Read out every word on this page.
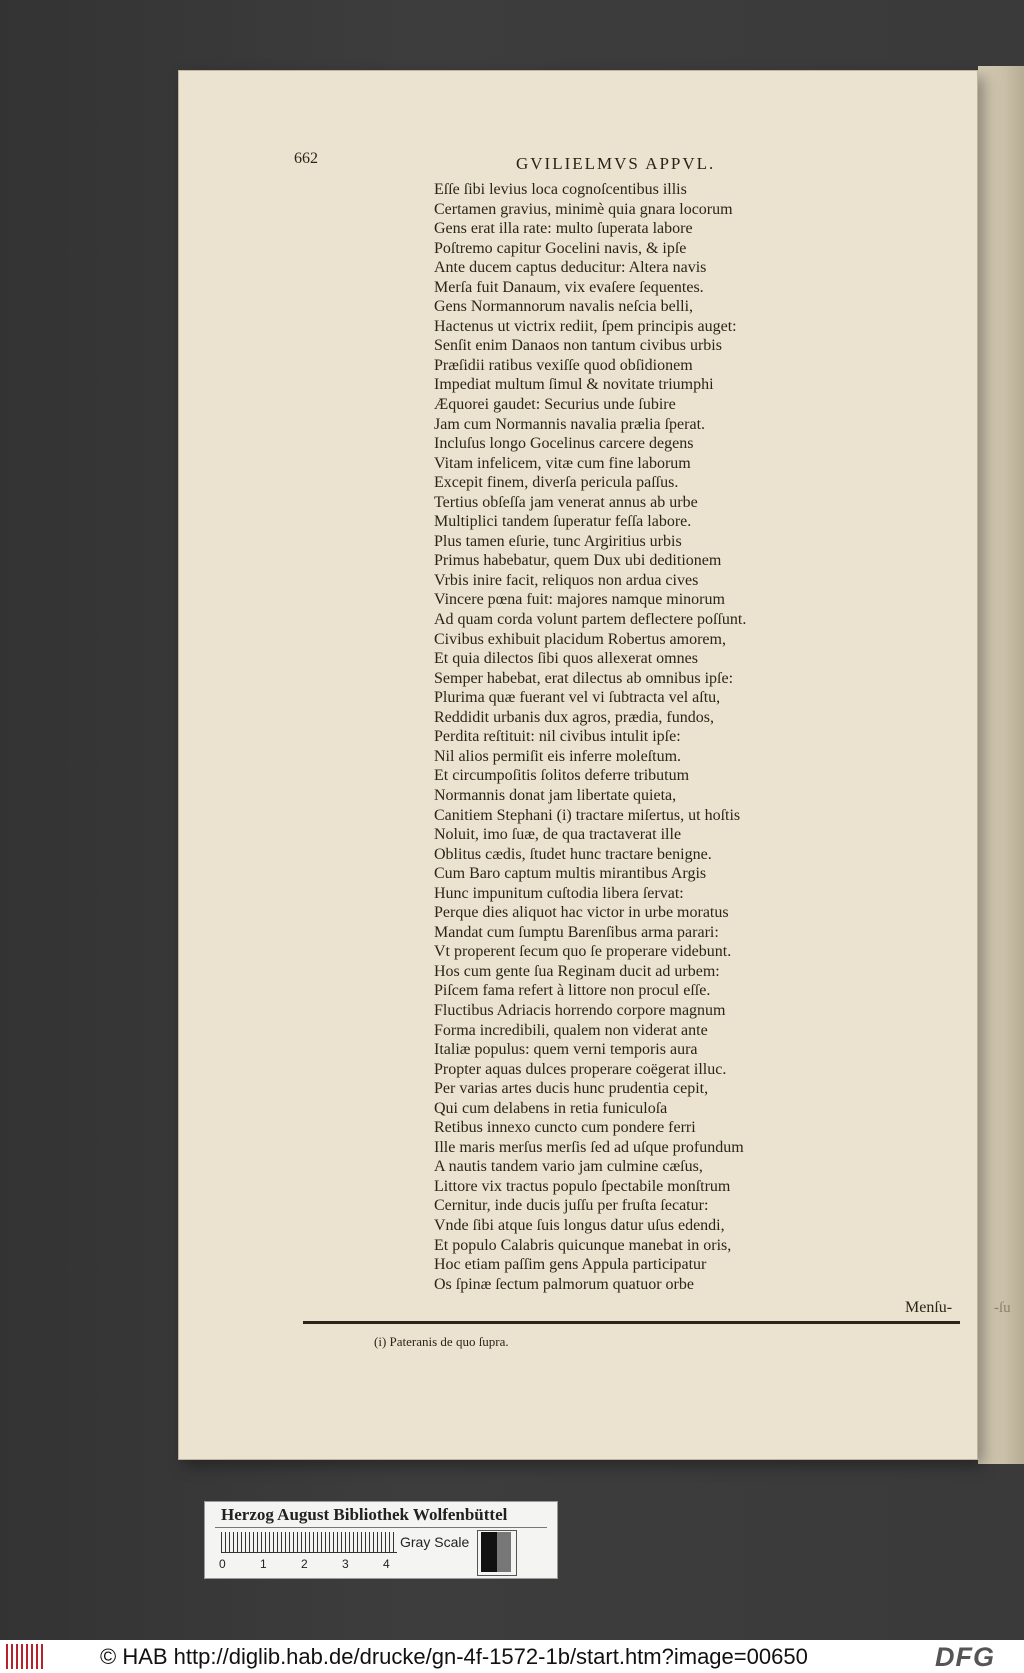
-ſu
662	GVILIELMVS APPVL.
Eſſe ſibi levius loca cognoſcentibus illis
Certamen gravius, minimè quia gnara locorum
Gens erat illa rate: multo ſuperata labore
Poſtremo capitur Gocelini navis, & ipſe
Ante ducem captus deducitur: Altera navis
Merſa fuit Danaum, vix evaſere ſequentes.
Gens Normannorum navalis neſcia belli,
Hactenus ut victrix rediit, ſpem principis auget:
Senſit enim Danaos non tantum civibus urbis
Præſidii ratibus vexiſſe quod obſidionem
Impediat multum ſimul & novitate triumphi
Æquorei gaudet: Securius unde ſubire
Jam cum Normannis navalia prælia ſperat.
Incluſus longo Gocelinus carcere degens
Vitam infelicem, vitæ cum fine laborum
Excepit finem, diverſa pericula paſſus.
Tertius obſeſſa jam venerat annus ab urbe
Multiplici tandem ſuperatur feſſa labore.
Plus tamen eſurie, tunc Argiritius urbis
Primus habebatur, quem Dux ubi deditionem
Vrbis inire facit, reliquos non ardua cives
Vincere pœna fuit: majores namque minorum
Ad quam corda volunt partem deflectere poſſunt.
Civibus exhibuit placidum Robertus amorem,
Et quia dilectos ſibi quos allexerat omnes
Semper habebat, erat dilectus ab omnibus ipſe:
Plurima quæ fuerant vel vi ſubtracta vel aſtu,
Reddidit urbanis dux agros, prædia, fundos,
Perdita reſtituit: nil civibus intulit ipſe:
Nil alios permiſit eis inferre moleſtum.
Et circumpoſitis ſolitos deferre tributum
Normannis donat jam libertate quieta,
Canitiem Stephani (i) tractare miſertus, ut hoſtis
Noluit, imo ſuæ, de qua tractaverat ille
Oblitus cædis, ſtudet hunc tractare benigne.
Cum Baro captum multis mirantibus Argis
Hunc impunitum cuſtodia libera ſervat:
Perque dies aliquot hac victor in urbe moratus
Mandat cum ſumptu Barenſibus arma parari:
Vt properent ſecum quo ſe properare videbunt.
Hos cum gente ſua Reginam ducit ad urbem:
Piſcem fama refert à littore non procul eſſe.
Fluctibus Adriacis horrendo corpore magnum
Forma incredibili, qualem non viderat ante
Italiæ populus: quem verni temporis aura
Propter aquas dulces properare coëgerat illuc.
Per varias artes ducis hunc prudentia cepit,
Qui cum delabens in retia funiculoſa
Retibus innexo cuncto cum pondere ferri
Ille maris merſus merſis ſed ad uſque profundum
A nautis tandem vario jam culmine cæſus,
Littore vix tractus populo ſpectabile monſtrum
Cernitur, inde ducis juſſu per fruſta ſecatur:
Vnde ſibi atque ſuis longus datur uſus edendi,
Et populo Calabris quicunque manebat in oris,
Hoc etiam paſſim gens Appula participatur
Os ſpinæ ſectum palmorum quatuor orbe
Menſu-
(i) Pateranis de quo ſupra.
Herzog August Bibliothek Wolfenbüttel
Gray Scale
0	1	2	3	4
© HAB http://diglib.hab.de/drucke/gn-4f-1572-1b/start.htm?image=00650	DFG
